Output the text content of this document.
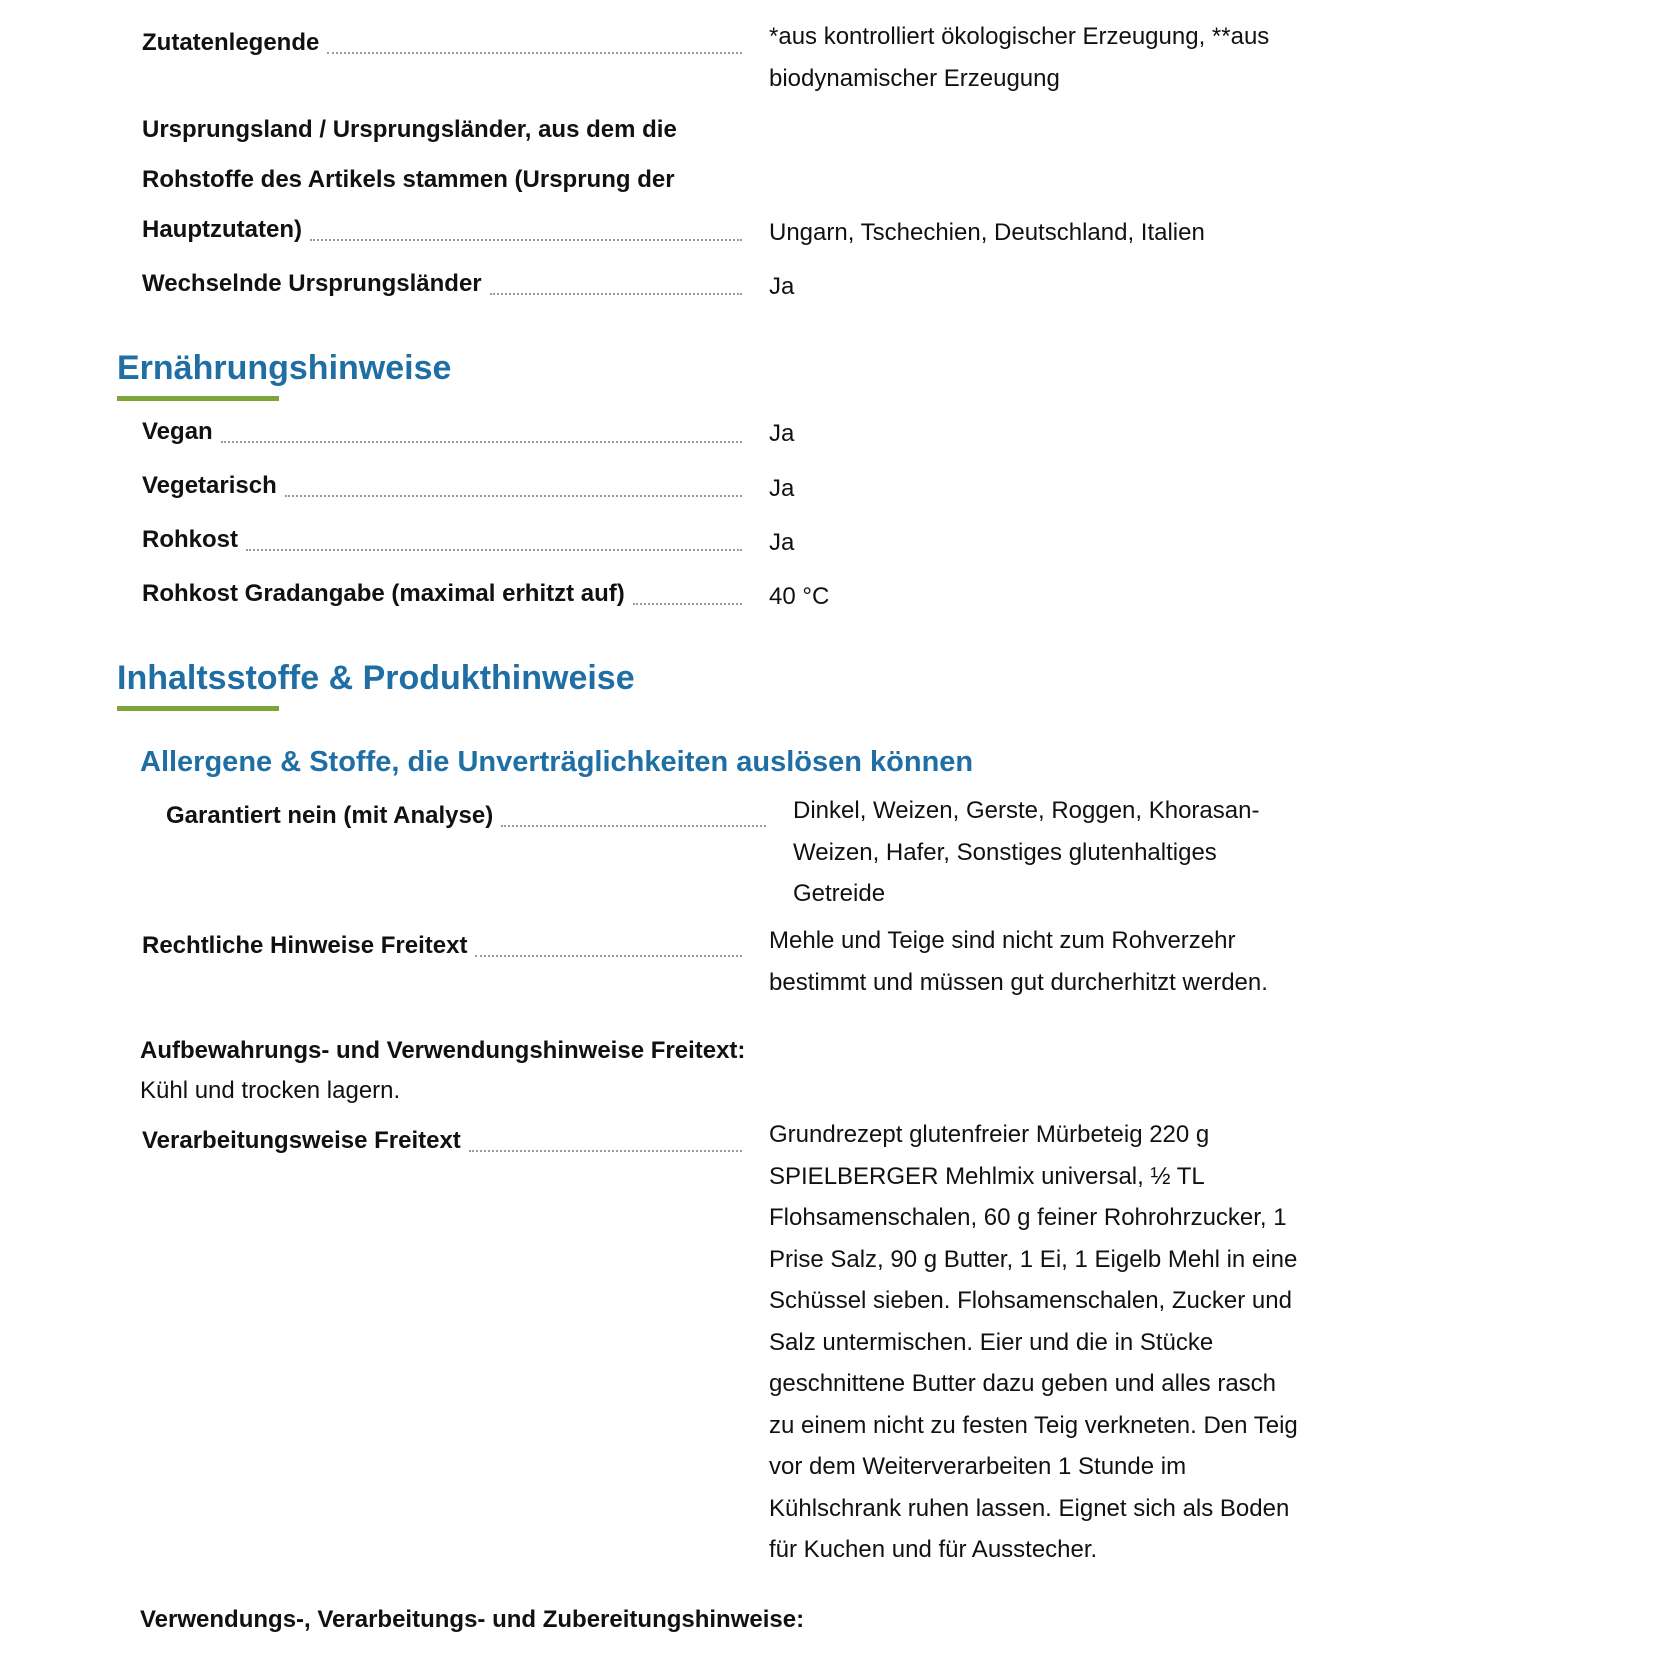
Zutatenlegende	*aus kontrolliert ökologischer Erzeugung, **aus
biodynamischer Erzeugung
Ursprungsland / Ursprungsländer, aus dem die
Rohstoffe des Artikels stammen (Ursprung der
Hauptzutaten)	Ungarn, Tschechien, Deutschland, Italien
Wechselnde Ursprungsländer	Ja
Ernährungshinweise
Vegan	Ja
Vegetarisch	Ja
Rohkost	Ja
Rohkost Gradangabe (maximal erhitzt auf)	40 °C
Inhaltsstoffe & Produkthinweise
Allergene & Stoffe, die Unverträglichkeiten auslösen können
Garantiert nein (mit Analyse)	Dinkel, Weizen, Gerste, Roggen, Khorasan-
Weizen, Hafer, Sonstiges glutenhaltiges
Getreide
Rechtliche Hinweise Freitext	Mehle und Teige sind nicht zum Rohverzehr
bestimmt und müssen gut durcherhitzt werden.
Aufbewahrungs- und Verwendungshinweise Freitext:
Kühl und trocken lagern.
Verarbeitungsweise Freitext	Grundrezept glutenfreier Mürbeteig 220 g
SPIELBERGER Mehlmix universal, ½ TL
Flohsamenschalen, 60 g feiner Rohrohrzucker, 1
Prise Salz, 90 g Butter, 1 Ei, 1 Eigelb Mehl in eine
Schüssel sieben. Flohsamenschalen, Zucker und
Salz untermischen. Eier und die in Stücke
geschnittene Butter dazu geben und alles rasch
zu einem nicht zu festen Teig verkneten. Den Teig
vor dem Weiterverarbeiten 1 Stunde im
Kühlschrank ruhen lassen. Eignet sich als Boden
für Kuchen und für Ausstecher.
Verwendungs-, Verarbeitungs- und Zubereitungshinweise:
